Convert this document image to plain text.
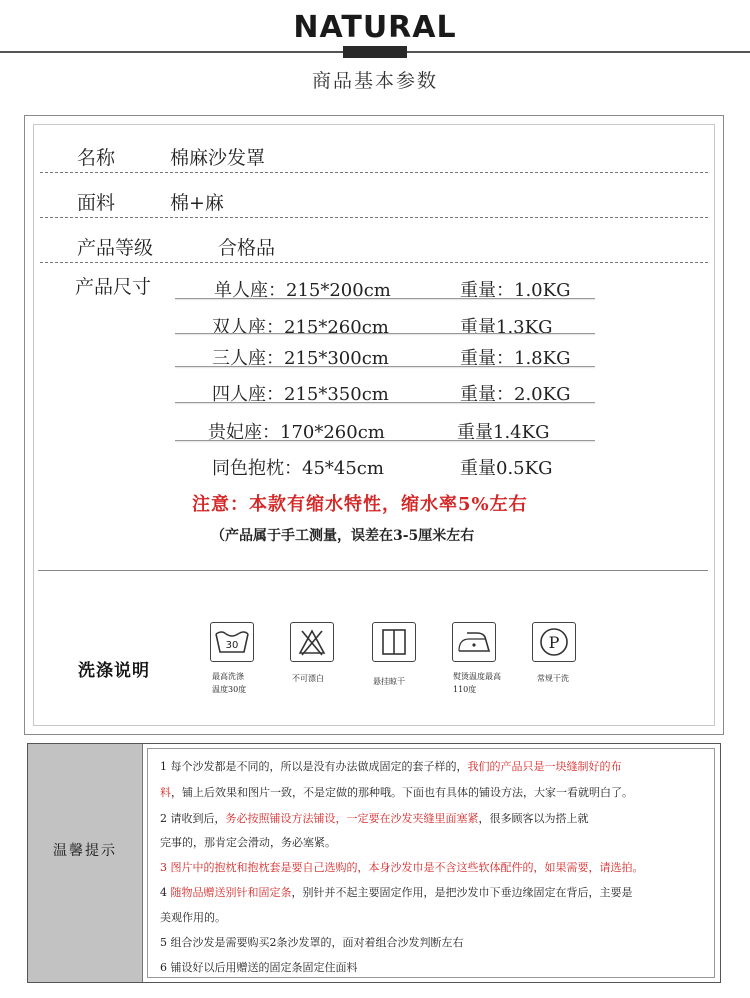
NATURAL
商品基本参数
名称	棉麻沙发罩
面料	棉+麻
产品等级	合格品
产品尺寸	单人座：215*200cm	重量：1.0KG
双人座：215*260cm	重量1.3KG
三人座：215*300cm	重量：1.8KG
四人座：215*350cm	重量：2.0KG
贵妃座：170*260cm	重量1.4KG
同色抱枕：45*45cm	重量0.5KG
注意：本款有缩水特性，缩水率5%左右
（产品属于手工测量，误差在3-5厘米左右
洗涤说明
30
最高洗涤
温度30度
不可漂白	悬挂晾干
熨烫温度最高
110度
P
常规干洗
温馨提示
1 每个沙发都是不同的，所以是没有办法做成固定的套子样的，我们的产品只是一块缝制好的布
料，铺上后效果和图片一致，不是定做的那种哦。下面也有具体的铺设方法，大家一看就明白了。
2 请收到后，务必按照铺设方法铺设，一定要在沙发夹缝里面塞紧，很多顾客以为搭上就
完事的，那肯定会滑动，务必塞紧。
3 图片中的抱枕和抱枕套是要自己选购的，本身沙发巾是不含这些软体配件的，如果需要，请选拍。
4 随物品赠送别针和固定条，别针并不起主要固定作用，是把沙发巾下垂边缘固定在背后，主要是
美观作用的。
5 组合沙发是需要购买2条沙发罩的，面对着组合沙发判断左右
6 铺设好以后用赠送的固定条固定住面料
